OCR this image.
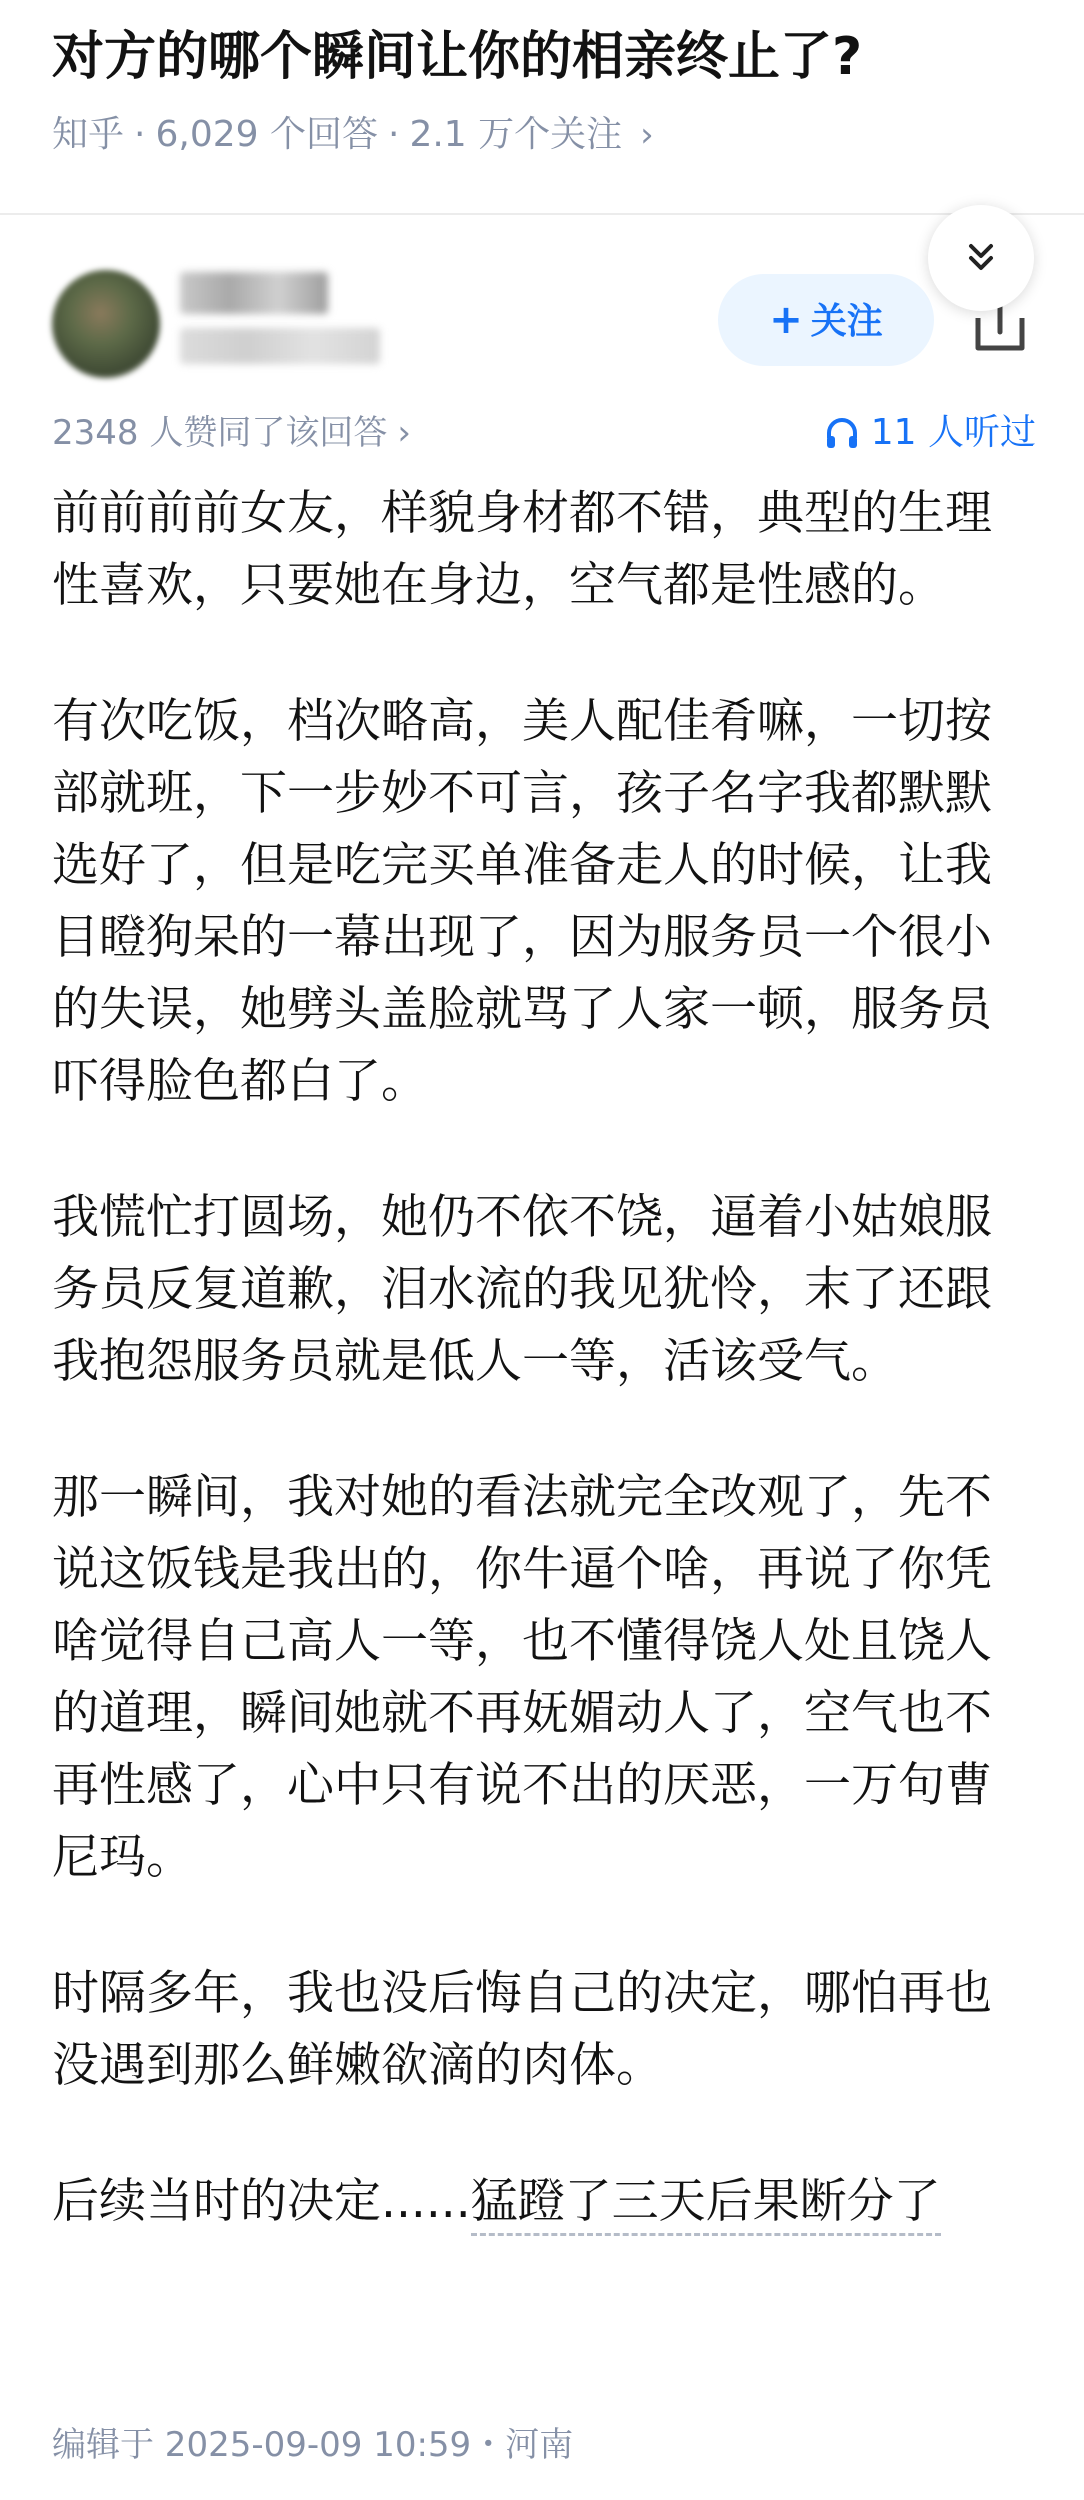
对方的哪个瞬间让你的相亲终止了?
知乎 · 6,029 个回答 · 2.1 万个关注 ›
+ 关注
2348 人赞同了该回答 ›	11 人听过

前前前前女友，样貌身材都不错，典型的生理性喜欢，只要她在身边，空气都是性感的。

有次吃饭，档次略高，美人配佳肴嘛，一切按部就班，下一步妙不可言，孩子名字我都默默选好了，但是吃完买单准备走人的时候，让我目瞪狗呆的一幕出现了，因为服务员一个很小的失误，她劈头盖脸就骂了人家一顿，服务员吓得脸色都白了。

我慌忙打圆场，她仍不依不饶，逼着小姑娘服务员反复道歉，泪水流的我见犹怜，末了还跟我抱怨服务员就是低人一等，活该受气。

那一瞬间，我对她的看法就完全改观了，先不说这饭钱是我出的，你牛逼个啥，再说了你凭啥觉得自己高人一等，也不懂得饶人处且饶人的道理，瞬间她就不再妩媚动人了，空气也不再性感了，心中只有说不出的厌恶，一万句曹尼玛。

时隔多年，我也没后悔自己的决定，哪怕再也没遇到那么鲜嫩欲滴的肉体。

后续当时的决定......猛蹬了三天后果断分了

编辑于 2025-09-09 10:59・河南
